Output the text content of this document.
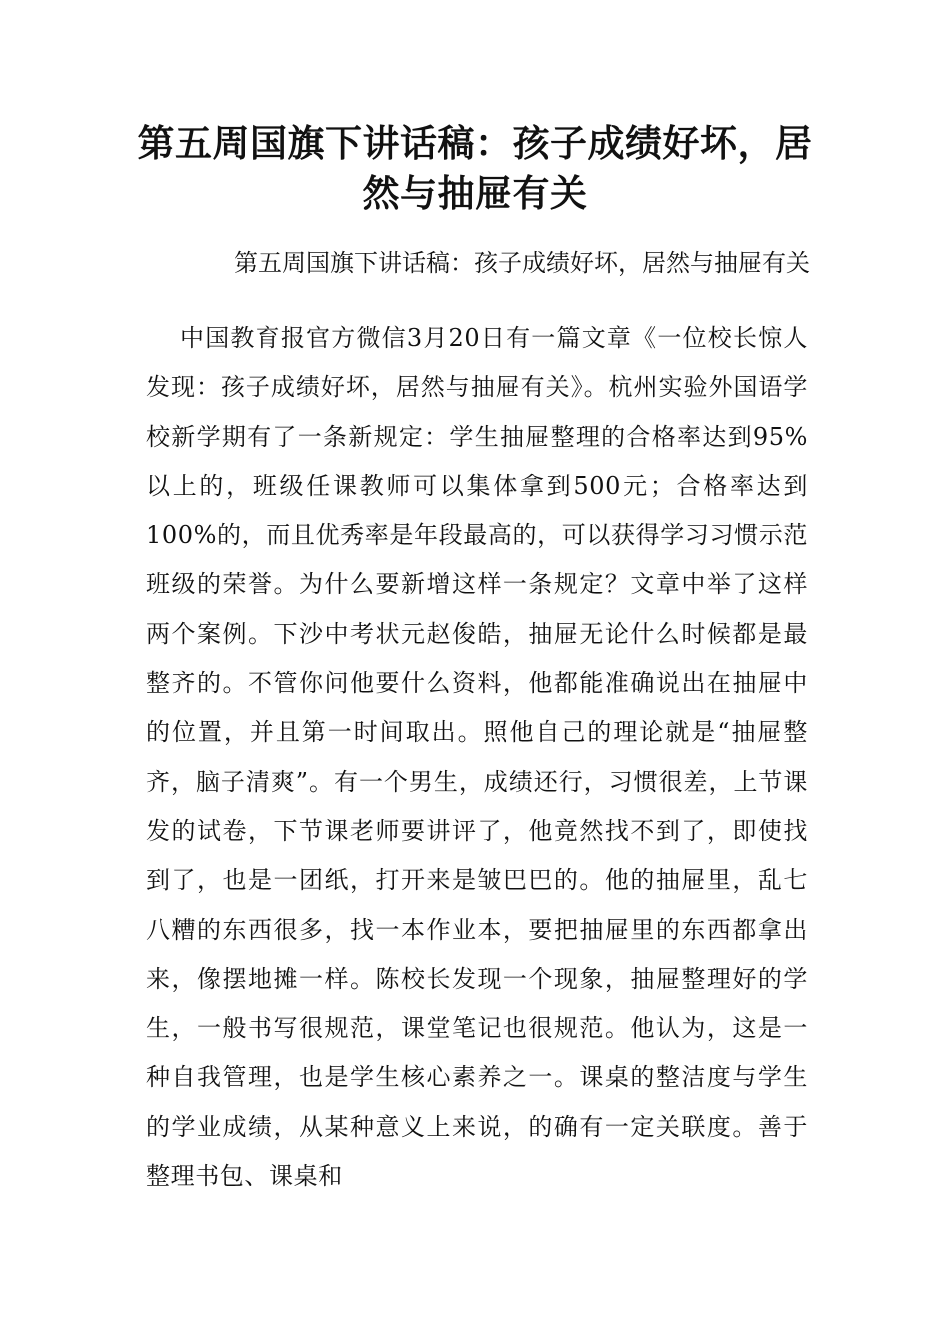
第五周国旗下讲话稿：孩子成绩好坏，居然与抽屉有关

第五周国旗下讲话稿：孩子成绩好坏，居然与抽屉有关

中国教育报官方微信3月20日有一篇文章《一位校长惊人发现：孩子成绩好坏，居然与抽屉有关》。杭州实验外国语学校新学期有了一条新规定：学生抽屉整理的合格率达到95%以上的，班级任课教师可以集体拿到500元；合格率达到100%的，而且优秀率是年段最高的，可以获得学习习惯示范班级的荣誉。为什么要新增这样一条规定？文章中举了这样两个案例。下沙中考状元赵俊皓，抽屉无论什么时候都是最整齐的。不管你问他要什么资料，他都能准确说出在抽屉中的位置，并且第一时间取出。照他自己的理论就是“抽屉整齐，脑子清爽”。有一个男生，成绩还行，习惯很差，上节课发的试卷，下节课老师要讲评了，他竟然找不到了，即使找到了，也是一团纸，打开来是皱巴巴的。他的抽屉里，乱七八糟的东西很多，找一本作业本，要把抽屉里的东西都拿出来，像摆地摊一样。陈校长发现一个现象，抽屉整理好的学生，一般书写很规范，课堂笔记也很规范。他认为，这是一种自我管理，也是学生核心素养之一。课桌的整洁度与学生的学业成绩，从某种意义上来说，的确有一定关联度。善于整理书包、课桌和
